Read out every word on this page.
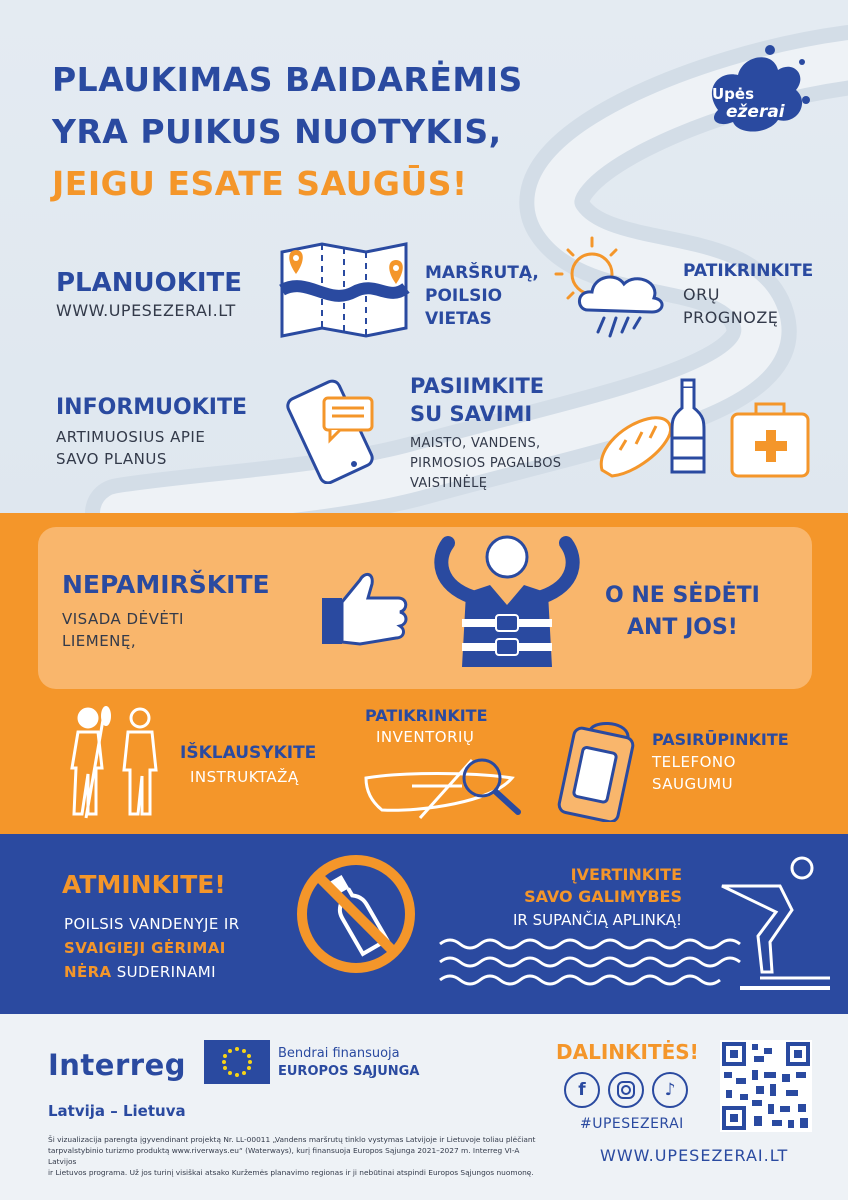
PLAUKIMAS BAIDARĖMIS
YRA PUIKUS NUOTYKIS,
JEIGU ESATE SAUGŪS!
Upės
ežerai
PLANUOKITE
WWW.UPESEZERAI.LT
MARŠRUTĄ,
POILSIO
VIETAS
PATIKRINKITE
ORŲ
PROGNOZĘ
INFORMUOKITE
ARTIMUOSIUS APIE
SAVO PLANUS
PASIIMKITE
SU SAVIMI
MAISTO, VANDENS,
PIRMOSIOS PAGALBOS
VAISTINĖLĘ
NEPAMIRŠKITE
VISADA DĖVĖTI
LIEMENĘ,
O NE SĖDĖTI
ANT JOS!
IŠKLAUSYKITE
INSTRUKTAŽĄ
PATIKRINKITE
INVENTORIŲ	PASIRŪPINKITE
TELEFONO
SAUGUMU
ATMINKITE!
POILSIS VANDENYJE IR
SVAIGIEJI GĖRIMAI
NĖRA SUDERINAMI
ĮVERTINKITE
SAVO GALIMYBES
IR SUPANČIĄ APLINKĄ!
Interreg
Latvija – Lietuva
Bendrai finansuoja
EUROPOS SĄJUNGA
Ši vizualizacija parengta įgyvendinant projektą Nr. LL-00011 „Vandens maršrutų tinklo vystymas Latvijoje ir Lietuvoje toliau plėčiant
tarpvalstybinio turizmo produktą www.riverways.eu“ (Waterways), kurį finansuoja Europos Sąjunga 2021–2027 m. Interreg VI-A Latvijos
ir Lietuvos programa. Už jos turinį visiškai atsako Kuržemės planavimo regionas ir ji nebūtinai atspindi Europos Sąjungos nuomonę.
DALINKITĖS!
f	♪
#UPESEZERAI
WWW.UPESEZERAI.LT
